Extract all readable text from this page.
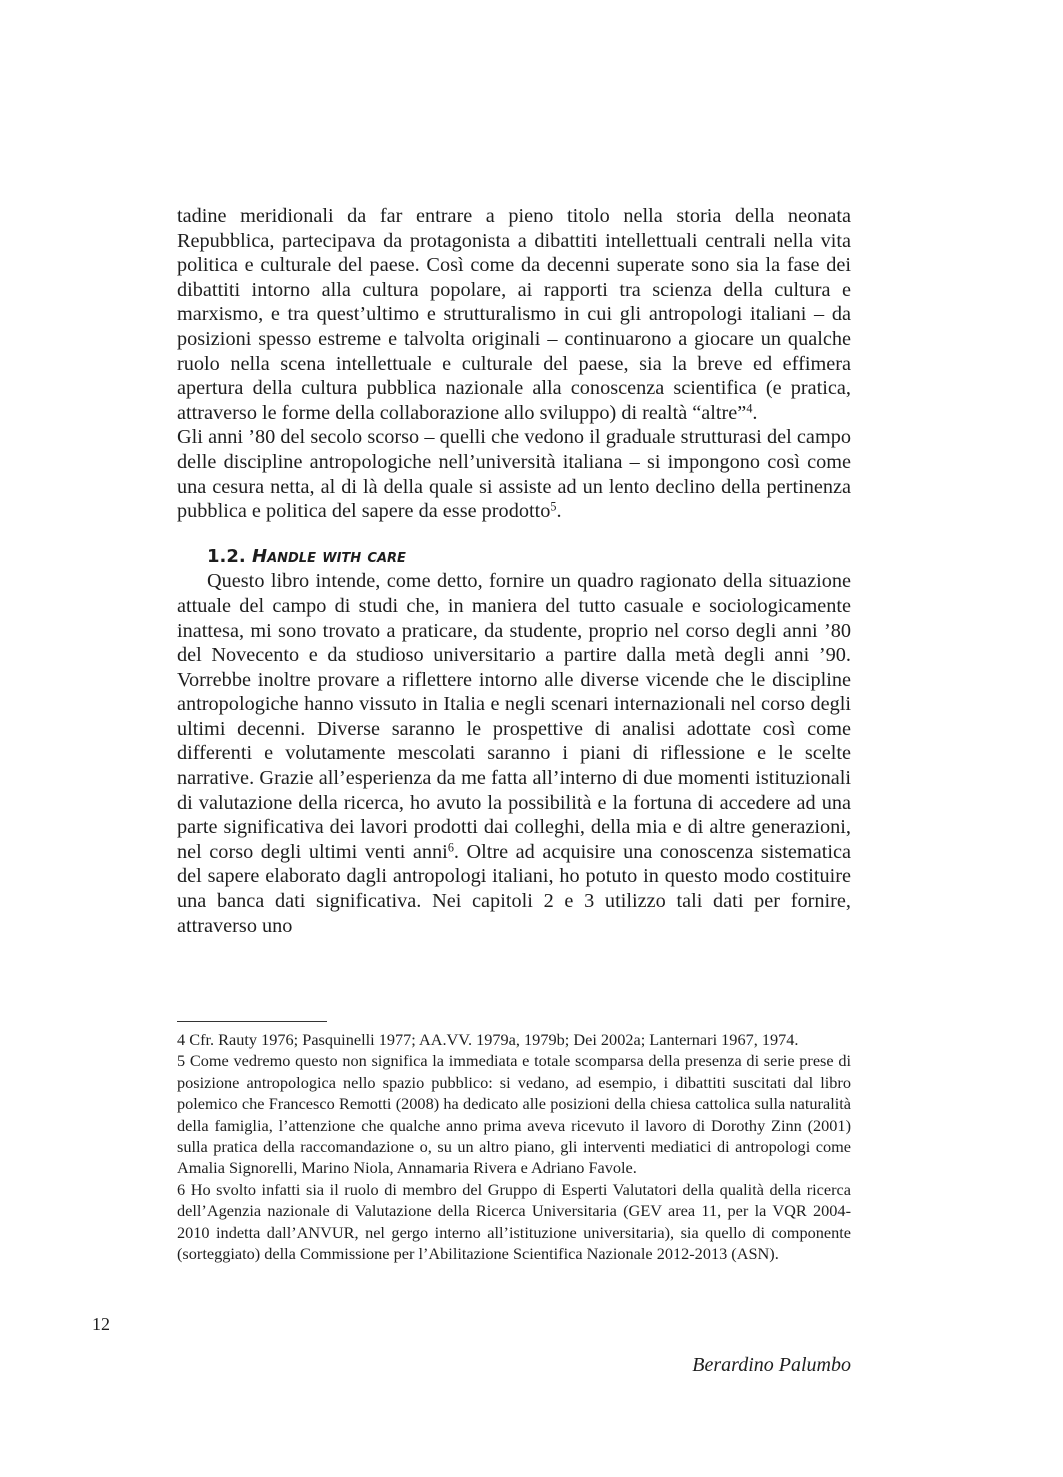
tadine meridionali da far entrare a pieno titolo nella storia della neonata Repubblica, partecipava da protagonista a dibattiti intellettuali centrali nella vita politica e culturale del paese. Così come da decenni superate sono sia la fase dei dibattiti intorno alla cultura popolare, ai rapporti tra scienza della cultura e marxismo, e tra quest’ultimo e strutturalismo in cui gli antropologi italiani – da posizioni spesso estreme e talvolta originali – continuarono a giocare un qualche ruolo nella scena intellettuale e culturale del paese, sia la breve ed effimera apertura della cultura pubblica nazionale alla conoscenza scientifica (e pratica, attraverso le forme della collaborazione allo sviluppo) di realtà “altre”$^4$.

Gli anni ’80 del secolo scorso – quelli che vedono il graduale strutturasi del campo delle discipline antropologiche nell’università italiana – si impongono così come una cesura netta, al di là della quale si assiste ad un lento declino della pertinenza pubblica e politica del sapere da esse prodotto$^5$.

1.2. Handle with care

Questo libro intende, come detto, fornire un quadro ragionato della situazione attuale del campo di studi che, in maniera del tutto casuale e sociologicamente inattesa, mi sono trovato a praticare, da studente, proprio nel corso degli anni ’80 del Novecento e da studioso universitario a partire dalla metà degli anni ’90. Vorrebbe inoltre provare a riflettere intorno alle diverse vicende che le discipline antropologiche hanno vissuto in Italia e negli scenari internazionali nel corso degli ultimi decenni. Diverse saranno le prospettive di analisi adottate così come differenti e volutamente mescolati saranno i piani di riflessione e le scelte narrative. Grazie all’esperienza da me fatta all’interno di due momenti istituzionali di valutazione della ricerca, ho avuto la possibilità e la fortuna di accedere ad una parte significativa dei lavori prodotti dai colleghi, della mia e di altre generazioni, nel corso degli ultimi venti anni$^6$. Oltre ad acquisire una conoscenza sistematica del sapere elaborato dagli antropologi italiani, ho potuto in questo modo costituire una banca dati significativa. Nei capitoli 2 e 3 utilizzo tali dati per fornire, attraverso uno

4 Cfr. Rauty 1976; Pasquinelli 1977; AA.VV. 1979a, 1979b; Dei 2002a; Lanternari 1967, 1974.

5 Come vedremo questo non significa la immediata e totale scomparsa della presenza di serie prese di posizione antropologica nello spazio pubblico: si vedano, ad esempio, i dibattiti suscitati dal libro polemico che Francesco Remotti (2008) ha dedicato alle posizioni della chiesa cattolica sulla naturalità della famiglia, l’attenzione che qualche anno prima aveva ricevuto il lavoro di Dorothy Zinn (2001) sulla pratica della raccomandazione o, su un altro piano, gli interventi mediatici di antropologi come Amalia Signorelli, Marino Niola, Annamaria Rivera e Adriano Favole.

6 Ho svolto infatti sia il ruolo di membro del Gruppo di Esperti Valutatori della qualità della ricerca dell’Agenzia nazionale di Valutazione della Ricerca Universitaria (GEV area 11, per la VQR 2004-2010 indetta dall’ANVUR, nel gergo interno all’istituzione universitaria), sia quello di componente (sorteggiato) della Commissione per l’Abilitazione Scientifica Nazionale 2012-2013 (ASN).

12
Berardino Palumbo
